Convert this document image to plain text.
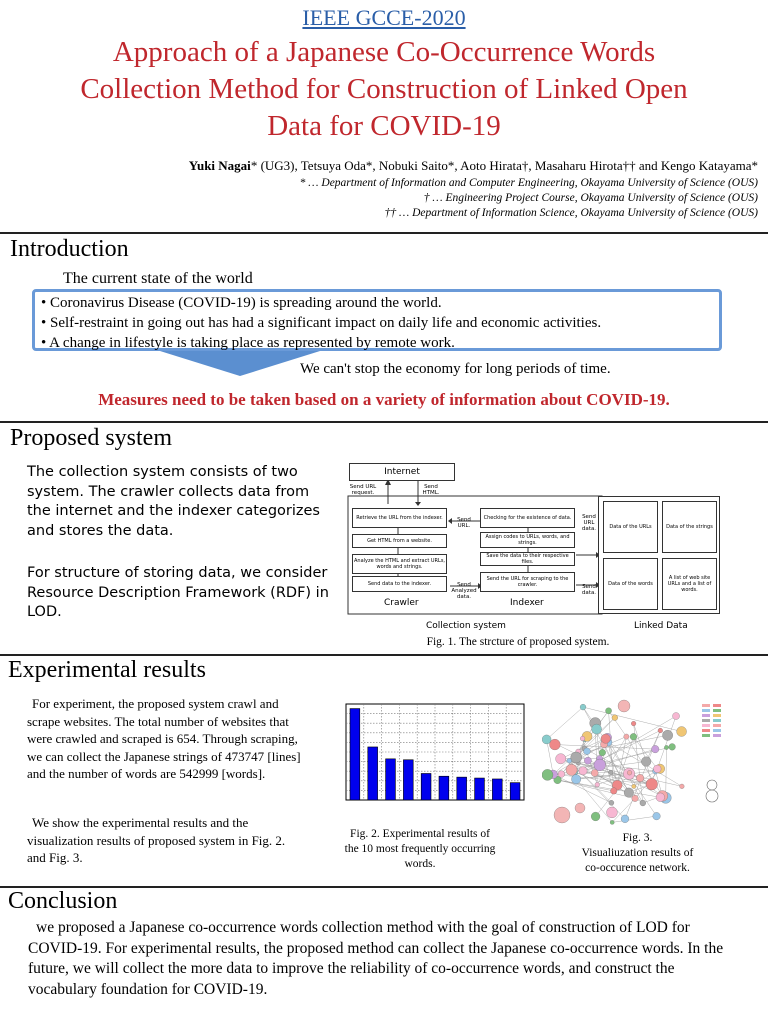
IEEE GCCE-2020
Approach of a Japanese Co-Occurrence Words
Collection Method for Construction of Linked Open
Data for COVID-19
Yuki Nagai* (UG3), Tetsuya Oda*, Nobuki Saito*, Aoto Hirata†, Masaharu Hirota†† and Kengo Katayama*
* … Department of Information and Computer Engineering, Okayama University of Science (OUS)
† … Engineering Project Course, Okayama University of Science (OUS)
†† … Department of Information Science, Okayama University of Science (OUS)
Introduction
The current state of the world
• Coronavirus Disease (COVID-19) is spreading around the world.
• Self-restraint in going out has had a significant impact on daily life and economic activities.
• A change in lifestyle is taking place as represented by remote work.
We can't stop the economy for long periods of time.
Measures need to be taken based on a variety of information about COVID-19.
Proposed system
The collection system consists of two system. The crawler collects data from the internet and the indexer categorizes and stores the data.
For structure of storing data, we consider Resource Description Framework (RDF) in LOD.
Internet
Send URL request.
Send HTML.
Retrieve the URL from the indexer.
Get HTML from a website.
Analyze the HTML and extract URLs, words and strings.
Send data to the indexer.
Checking for the existence of data.
Assign codes to URLs, words, and strings.
Save the data to their respective files.
Send the URL for scraping to the crawler.
Send URL.
Send Analyzed data.
Send URL data.
Send data.
Crawler	Indexer
Collection system
Data of the URLs	Data of the strings
Data of the words
A list of web site URLs and a list of words.
Linked Data
Fig. 1. The strcture of proposed system.
Experimental results
For experiment, the proposed system crawl and scrape websites. The total number of websites that were crawled and scraped is 654. Through scraping, we can collect the Japanese strings of 473747 [lines] and the number of words are 542999 [words].
We show the experimental results and the visualization results of proposed system in Fig. 2. and Fig. 3.
Fig. 2. Experimental results of the 10 most frequently occurring words.
Fig. 3.
Visualiuzation results of
co-occurence network.
Conclusion
we proposed a Japanese co-occurrence words collection method with the goal of construction of LOD for COVID-19. For experimental results, the proposed method can collect the Japanese co-occurrence words. In the future, we will collect the more data to improve the reliability of co-occurrence words, and construct the vocabulary foundation for COVID-19.
